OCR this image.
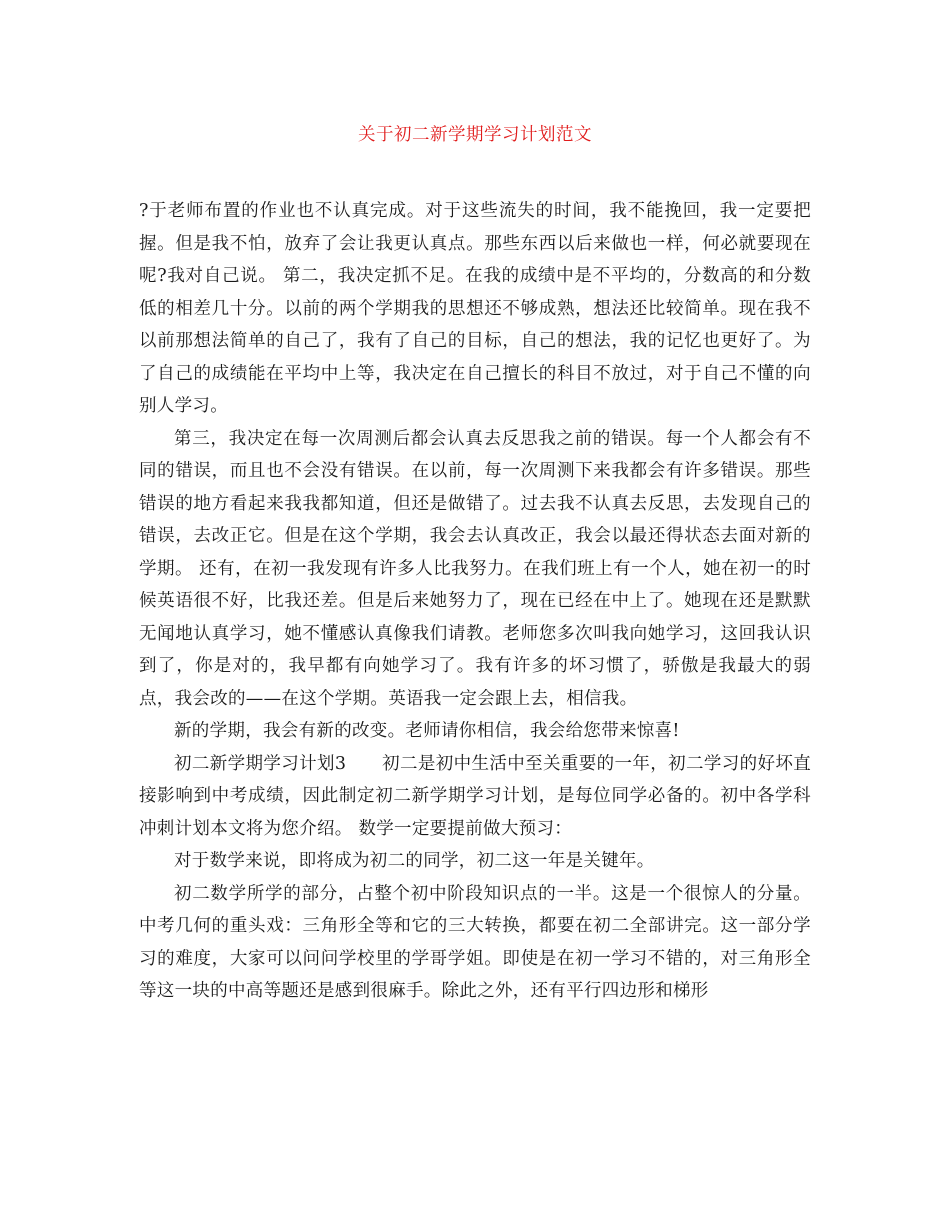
关于初二新学期学习计划范文

?于老师布置的作业也不认真完成。对于这些流失的时间，我不能挽回，我一定要把握。但是我不怕，放弃了会让我更认真点。那些东西以后来做也一样，何必就要现在呢?我对自己说。 第二，我决定抓不足。在我的成绩中是不平均的，分数高的和分数低的相差几十分。以前的两个学期我的思想还不够成熟，想法还比较简单。现在我不以前那想法简单的自己了，我有了自己的目标，自己的想法，我的记忆也更好了。为了自己的成绩能在平均中上等，我决定在自己擅长的科目不放过，对于自己不懂的向别人学习。

第三，我决定在每一次周测后都会认真去反思我之前的错误。每一个人都会有不同的错误，而且也不会没有错误。在以前，每一次周测下来我都会有许多错误。那些错误的地方看起来我我都知道，但还是做错了。过去我不认真去反思，去发现自己的错误，去改正它。但是在这个学期，我会去认真改正，我会以最还得状态去面对新的学期。 还有，在初一我发现有许多人比我努力。在我们班上有一个人，她在初一的时候英语很不好，比我还差。但是后来她努力了，现在已经在中上了。她现在还是默默无闻地认真学习，她不懂感认真像我们请教。老师您多次叫我向她学习，这回我认识到了，你是对的，我早都有向她学习了。我有许多的坏习惯了，骄傲是我最大的弱点，我会改的——在这个学期。英语我一定会跟上去，相信我。

新的学期，我会有新的改变。老师请你相信，我会给您带来惊喜!

初二新学期学习计划3　　初二是初中生活中至关重要的一年，初二学习的好坏直接影响到中考成绩，因此制定初二新学期学习计划，是每位同学必备的。初中各学科冲刺计划本文将为您介绍。 数学一定要提前做大预习：

对于数学来说，即将成为初二的同学，初二这一年是关键年。

初二数学所学的部分，占整个初中阶段知识点的一半。这是一个很惊人的分量。中考几何的重头戏：三角形全等和它的三大转换，都要在初二全部讲完。这一部分学习的难度，大家可以问问学校里的学哥学姐。即使是在初一学习不错的，对三角形全等这一块的中高等题还是感到很麻手。除此之外，还有平行四边形和梯形
